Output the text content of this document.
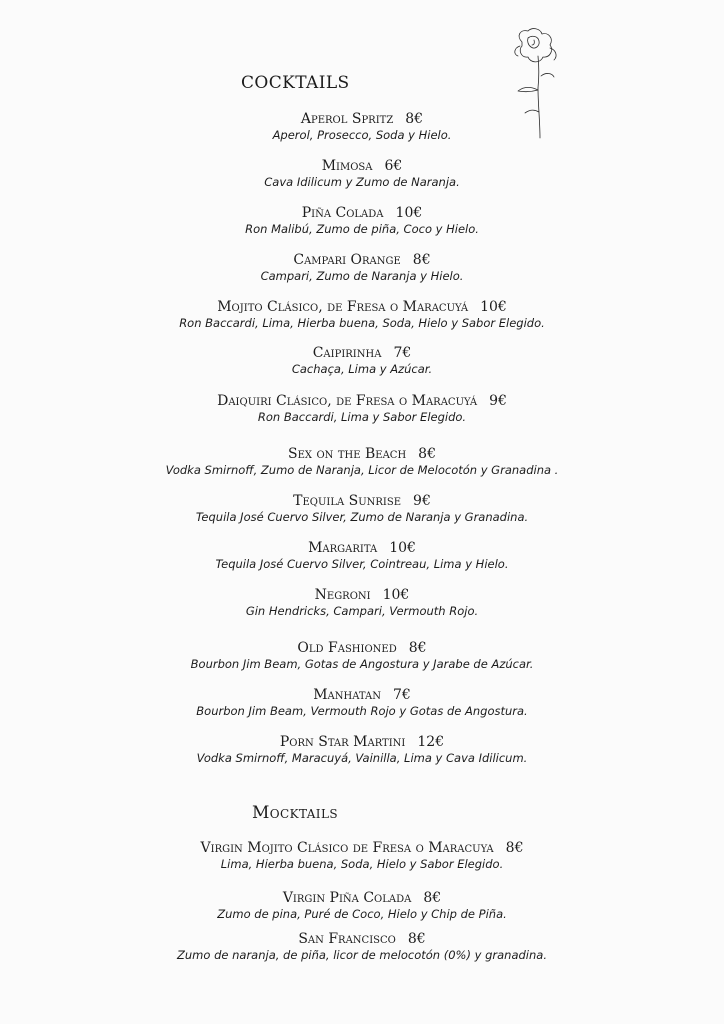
COCKTAILS
Aperol Spritz 8€
Aperol, Prosecco, Soda y Hielo.
Mimosa 6€
Cava Idilicum y Zumo de Naranja.
Piña Colada 10€
Ron Malibú, Zumo de piña, Coco y Hielo.
Campari Orange 8€
Campari, Zumo de Naranja y Hielo.
Mojito Clásico, de Fresa o Maracuyá 10€
Ron Baccardi, Lima, Hierba buena, Soda, Hielo y Sabor Elegido.
Caipirinha 7€
Cachaça, Lima y Azúcar.
Daiquiri Clásico, de Fresa o Maracuyá 9€
Ron Baccardi, Lima y Sabor Elegido.
Sex on the Beach 8€
Vodka Smirnoff, Zumo de Naranja, Licor de Melocotón y Granadina .
Tequila Sunrise 9€
Tequila José Cuervo Silver, Zumo de Naranja y Granadina.
Margarita 10€
Tequila José Cuervo Silver, Cointreau, Lima y Hielo.
Negroni 10€
Gin Hendricks, Campari, Vermouth Rojo.
Old Fashioned 8€
Bourbon Jim Beam, Gotas de Angostura y Jarabe de Azúcar.
Manhatan 7€
Bourbon Jim Beam, Vermouth Rojo y Gotas de Angostura.
Porn Star Martini 12€
Vodka Smirnoff, Maracuyá, Vainilla, Lima y Cava Idilicum.
Mocktails
Virgin Mojito Clásico de Fresa o Maracuya 8€
Lima, Hierba buena, Soda, Hielo y Sabor Elegido.
Virgin Piña Colada 8€
Zumo de pina, Puré de Coco, Hielo y Chip de Piña.
San Francisco 8€
Zumo de naranja, de piña, licor de melocotón (0%) y granadina.
